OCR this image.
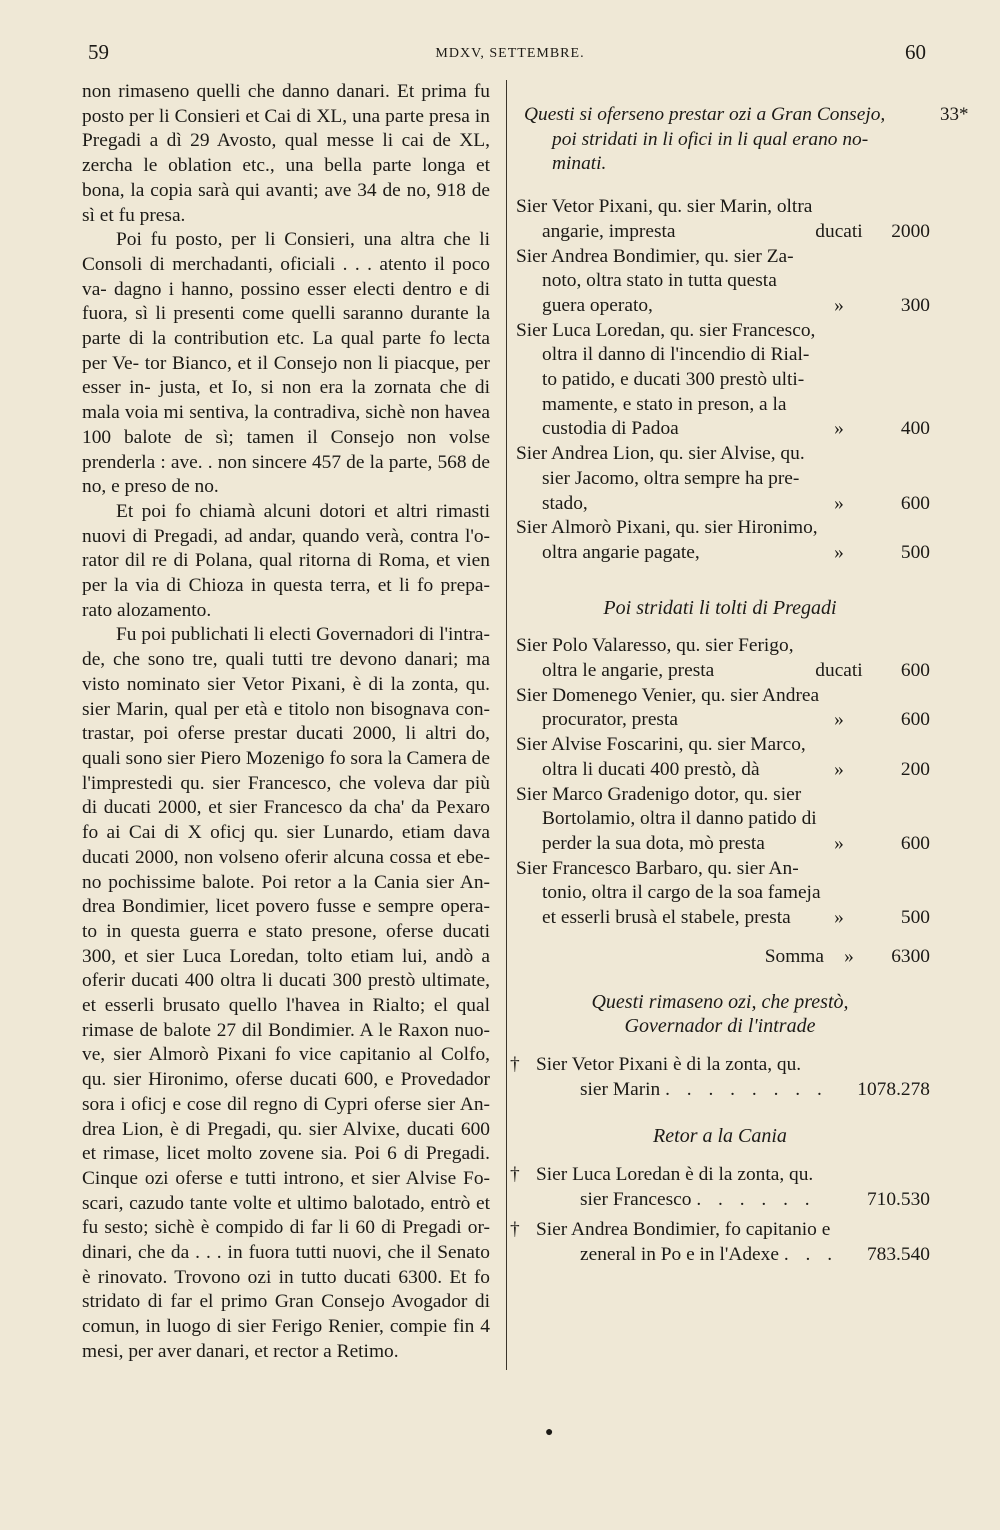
59	MDXV, SETTEMBRE.	60

non rimaseno quelli che danno danari. Et prima fu posto per li Consieri et Cai di XL, una parte presa in Pregadi a dì 29 Avosto, qual messe li cai de XL, zercha le oblation etc., una bella parte longa et bona, la copia sarà qui avanti; ave 34 de no, 918 de sì et fu presa.

Poi fu posto, per li Consieri, una altra che li Consoli di merchadanti, oficiali . . . atento il poco va- dagno i hanno, possino esser electi dentro e di fuora, sì li presenti come quelli saranno durante la parte di la contribution etc. La qual parte fo lecta per Ve- tor Bianco, et il Consejo non li piacque, per esser in- justa, et Io, si non era la zornata che di mala voia mi sentiva, la contradiva, sichè non havea 100 balote de sì; tamen il Consejo non volse prenderla : ave. . non sincere 457 de la parte, 568 de no, e preso de no.

Et poi fo chiamà alcuni dotori et altri rimasti nuovi di Pregadi, ad andar, quando verà, contra l'o- rator dil re di Polana, qual ritorna di Roma, et vien per la via di Chioza in questa terra, et li fo prepa- rato alozamento.

Fu poi publichati li electi Governadori di l'intra- de, che sono tre, quali tutti tre devono danari; ma visto nominato sier Vetor Pixani, è di la zonta, qu. sier Marin, qual per età e titolo non bisognava con- trastar, poi oferse prestar ducati 2000, li altri do, quali sono sier Piero Mozenigo fo sora la Camera de l'imprestedi qu. sier Francesco, che voleva dar più di ducati 2000, et sier Francesco da cha' da Pexaro fo ai Cai di X oficj qu. sier Lunardo, etiam dava ducati 2000, non volseno oferir alcuna cossa et ebe- no pochissime balote. Poi retor a la Cania sier An- drea Bondimier, licet povero fusse e sempre opera- to in questa guerra e stato presone, oferse ducati 300, et sier Luca Loredan, tolto etiam lui, andò a oferir ducati 400 oltra li ducati 300 prestò ultimate, et esserli brusato quello l'havea in Rialto; el qual rimase de balote 27 dil Bondimier. A le Raxon nuo- ve, sier Almorò Pixani fo vice capitanio al Colfo, qu. sier Hironimo, oferse ducati 600, e Provedador sora i oficj e cose dil regno di Cypri oferse sier An- drea Lion, è di Pregadi, qu. sier Alvixe, ducati 600 et rimase, licet molto zovene sia. Poi 6 di Pregadi. Cinque ozi oferse e tutti introno, et sier Alvise Fo- scari, cazudo tante volte et ultimo balotado, entrò et fu sesto; sichè è compido di far li 60 di Pregadi or- dinari, che da . . . in fuora tutti nuovi, che il Senato è rinovato. Trovono ozi in tutto ducati 6300. Et fo stridato di far el primo Gran Consejo Avogador di comun, in luogo di sier Ferigo Renier, compie fin 4 mesi, per aver danari, et rector a Retimo.

Questi si oferseno prestar ozi a Gran Consejo,
poi stridati in li ofici in li qual erano no-
minati.
33*
Sier Vetor Pixani, qu. sier Marin, oltra
angarie, impresta	ducati 2000
Sier Andrea Bondimier, qu. sier Za-
noto, oltra stato in tutta questa
guera operato,	»	300
Sier Luca Loredan, qu. sier Francesco,
oltra il danno di l'incendio di Rial-
to patido, e ducati 300 prestò ulti-
mamente, e stato in preson, a la
custodia di Padoa	»	400
Sier Andrea Lion, qu. sier Alvise, qu.
sier Jacomo, oltra sempre ha pre-
stado,	»	600
Sier Almorò Pixani, qu. sier Hironimo,
oltra angarie pagate,	»	500
Poi stridati li tolti di Pregadi
Sier Polo Valaresso, qu. sier Ferigo,
oltra le angarie, presta	ducati 600
Sier Domenego Venier, qu. sier Andrea
procurator, presta	»	600
Sier Alvise Foscarini, qu. sier Marco,
oltra li ducati 400 prestò, dà	»	200
Sier Marco Gradenigo dotor, qu. sier
Bortolamio, oltra il danno patido di
perder la sua dota, mò presta	»	600
Sier Francesco Barbaro, qu. sier An-
tonio, oltra il cargo de la soa fameja
et esserli brusà el stabele, presta	»	500
Somma » 6300
Questi rimaseno ozi, che prestò,
Governador di l'intrade
† Sier Vetor Pixani è di la zonta, qu.
sier Marin . . . . . . . .	1078.278
Retor a la Cania
† Sier Luca Loredan è di la zonta, qu.
sier Francesco . . . . . .	710.530
† Sier Andrea Bondimier, fo capitanio e
zeneral in Po e in l'Adexe . . .	783.540
●
